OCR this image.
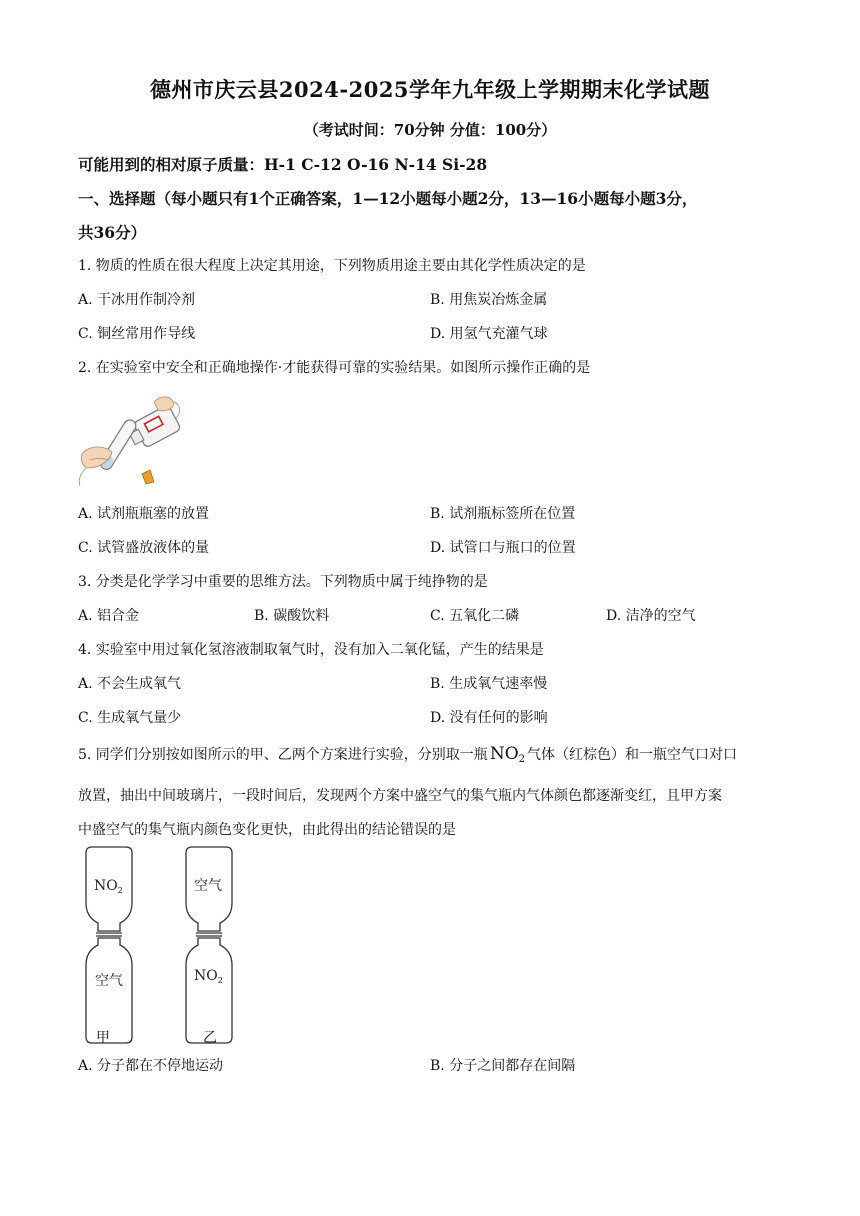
德州市庆云县2024-2025学年九年级上学期期末化学试题
（考试时间：70分钟 分值：100分）
可能用到的相对原子质量：H-1 C-12 O-16 N-14 Si-28
一、选择题（每小题只有1个正确答案，1—12小题每小题2分，13—16小题每小题3分，
共36分）
1. 物质的性质在很大程度上决定其用途，下列物质用途主要由其化学性质决定的是
A. 干冰用作制冷剂	B. 用焦炭冶炼金属
C. 铜丝常用作导线	D. 用氢气充灌气球
2. 在实验室中安全和正确地操作·才能获得可靠的实验结果。如图所示操作正确的是
A. 试剂瓶瓶塞的放置	B. 试剂瓶标签所在位置
C. 试管盛放液体的量	D. 试管口与瓶口的位置
3. 分类是化学学习中重要的思维方法。下列物质中属于纯挣物的是
A. 铝合金	B. 碳酸饮料	C. 五氧化二磷	D. 洁净的空气
4. 实验室中用过氧化氢溶液制取氧气时，没有加入二氧化锰，产生的结果是
A. 不会生成氧气	B. 生成氧气速率慢
C. 生成氧气量少	D. 没有任何的影响
5. 同学们分别按如图所示的甲、乙两个方案进行实验，分别取一瓶 $NO_2$ 气体（红棕色）和一瓶空气口对口
放置，抽出中间玻璃片，一段时间后，发现两个方案中盛空气的集气瓶内气体颜色都逐渐变红，且甲方案
中盛空气的集气瓶内颜色变化更快，由此得出的结论错误的是
$NO_2$
空气
空气
$NO_2$
甲	乙
A. 分子都在不停地运动	B. 分子之间都存在间隔
